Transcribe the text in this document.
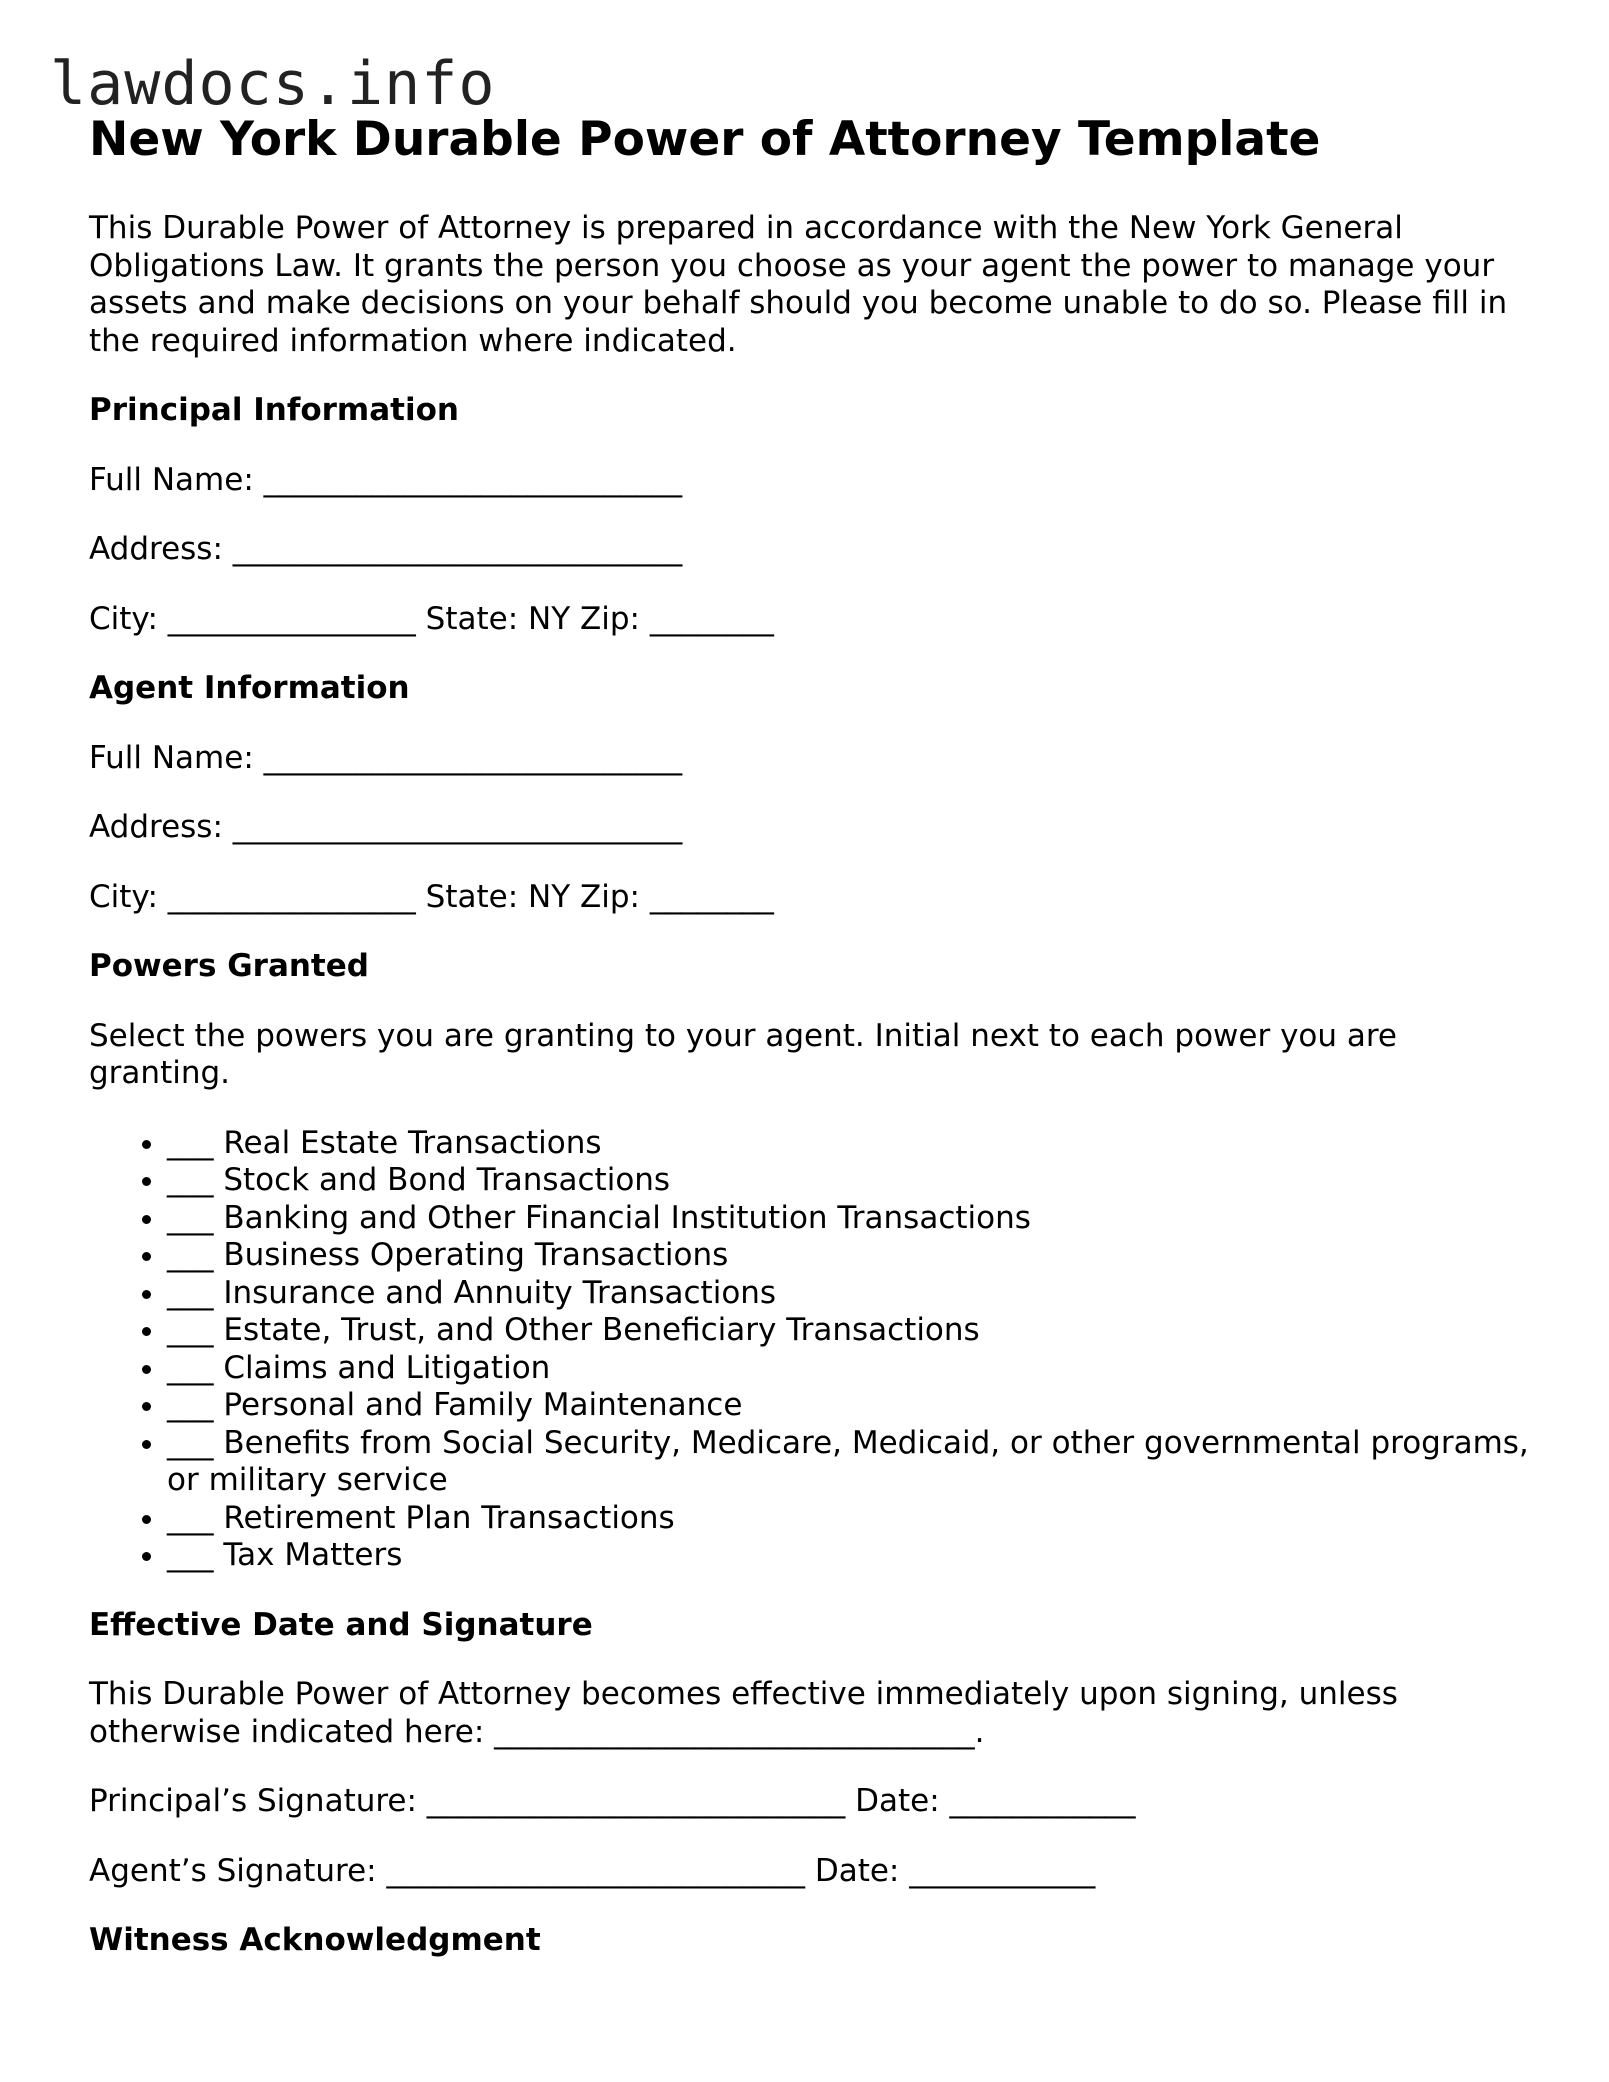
lawdocs.info
New York Durable Power of Attorney Template

This Durable Power of Attorney is prepared in accordance with the New York General Obligations Law. It grants the person you choose as your agent the power to manage your assets and make decisions on your behalf should you become unable to do so. Please fill in the required information where indicated.

Principal Information
Full Name: ___________________________
Address: _____________________________
City: ________________ State: NY Zip: ________
Agent Information
Full Name: ___________________________
Address: _____________________________
City: ________________ State: NY Zip: ________
Powers Granted

Select the powers you are granting to your agent. Initial next to each power you are granting.

• ___ Real Estate Transactions
• ___ Stock and Bond Transactions
• ___ Banking and Other Financial Institution Transactions
• ___ Business Operating Transactions
• ___ Insurance and Annuity Transactions
• ___ Estate, Trust, and Other Beneficiary Transactions
• ___ Claims and Litigation
• ___ Personal and Family Maintenance
• ___ Benefits from Social Security, Medicare, Medicaid, or other governmental programs, or military service
• ___ Retirement Plan Transactions
• ___ Tax Matters
Effective Date and Signature

This Durable Power of Attorney becomes effective immediately upon signing, unless otherwise indicated here: _______________________________.

Principal’s Signature: ___________________________ Date: ____________
Agent’s Signature: ___________________________ Date: ____________
Witness Acknowledgment
